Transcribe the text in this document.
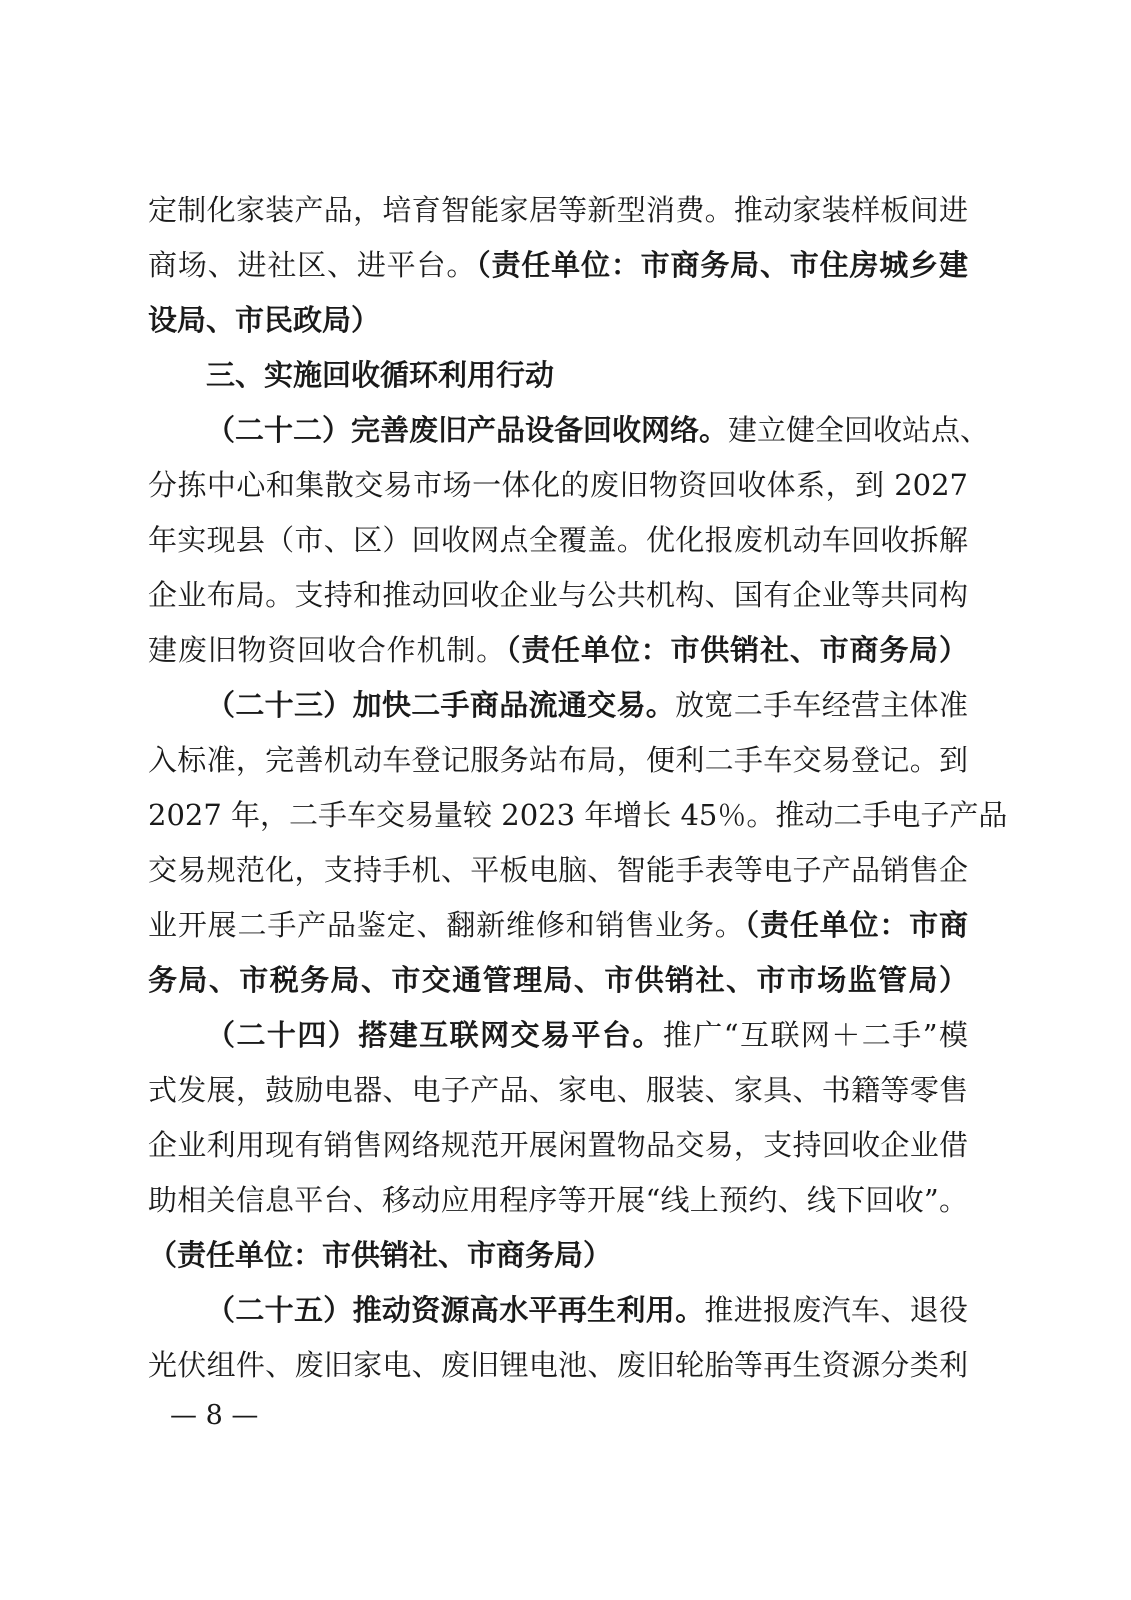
定制化家装产品，培育智能家居等新型消费。推动家装样板间进
商场、进社区、进平台。（责任单位：市商务局、市住房城乡建
设局、市民政局）
三、实施回收循环利用行动
（二十二）完善废旧产品设备回收网络。建立健全回收站点、
分拣中心和集散交易市场一体化的废旧物资回收体系，到 2027
年实现县（市、区）回收网点全覆盖。优化报废机动车回收拆解
企业布局。支持和推动回收企业与公共机构、国有企业等共同构
建废旧物资回收合作机制。（责任单位：市供销社、市商务局）
（二十三）加快二手商品流通交易。放宽二手车经营主体准
入标准，完善机动车登记服务站布局，便利二手车交易登记。到
2027 年，二手车交易量较 2023 年增长 45％。推动二手电子产品
交易规范化，支持手机、平板电脑、智能手表等电子产品销售企
业开展二手产品鉴定、翻新维修和销售业务。（责任单位：市商
务局、市税务局、市交通管理局、市供销社、市市场监管局）
（二十四）搭建互联网交易平台。推广“互联网＋二手”模
式发展，鼓励电器、电子产品、家电、服装、家具、书籍等零售
企业利用现有销售网络规范开展闲置物品交易，支持回收企业借
助相关信息平台、移动应用程序等开展“线上预约、线下回收”。
（责任单位：市供销社、市商务局）
（二十五）推动资源高水平再生利用。推进报废汽车、退役
光伏组件、废旧家电、废旧锂电池、废旧轮胎等再生资源分类利
— 8 —
